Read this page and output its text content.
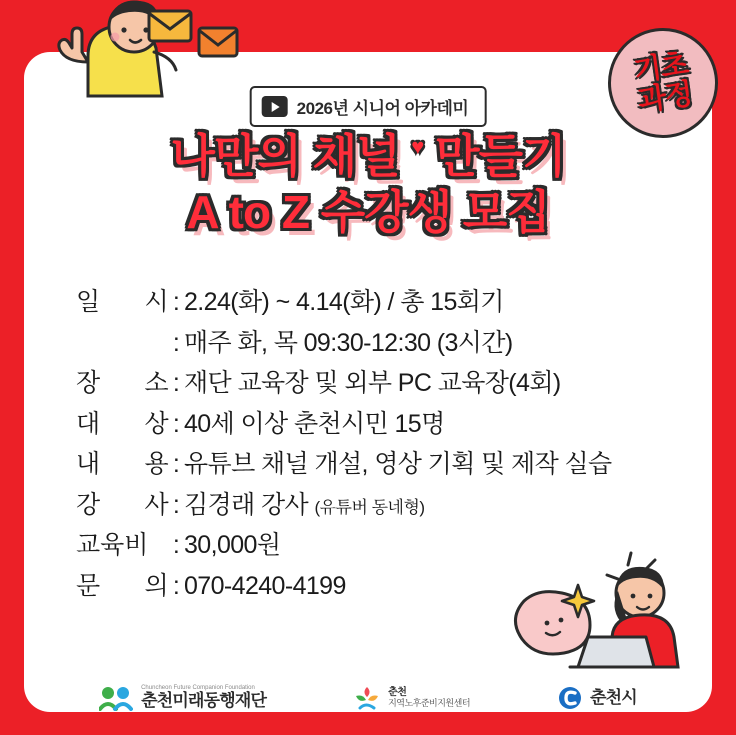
기초
과정
2026년 시니어 아카데미
나만의 채널 ♥ 만들기
A to Z 수강생 모집
일 시 : 2.24(화) ~ 4.14(화) / 총 15회기
: 매주 화, 목 09:30-12:30 (3시간)
장 소 : 재단 교육장 및 외부 PC 교육장(4회)
대 상 : 40세 이상 춘천시민 15명
내 용 : 유튜브 채널 개설, 영상 기획 및 제작 실습
강 사 : 김경래 강사 (유튜버 동네형)
교육비 : 30,000원
문 의 : 070-4240-4199
Chuncheon Future Companion Foundation
춘천미래동행재단	춘천
지역노후준비지원센터	춘천시
